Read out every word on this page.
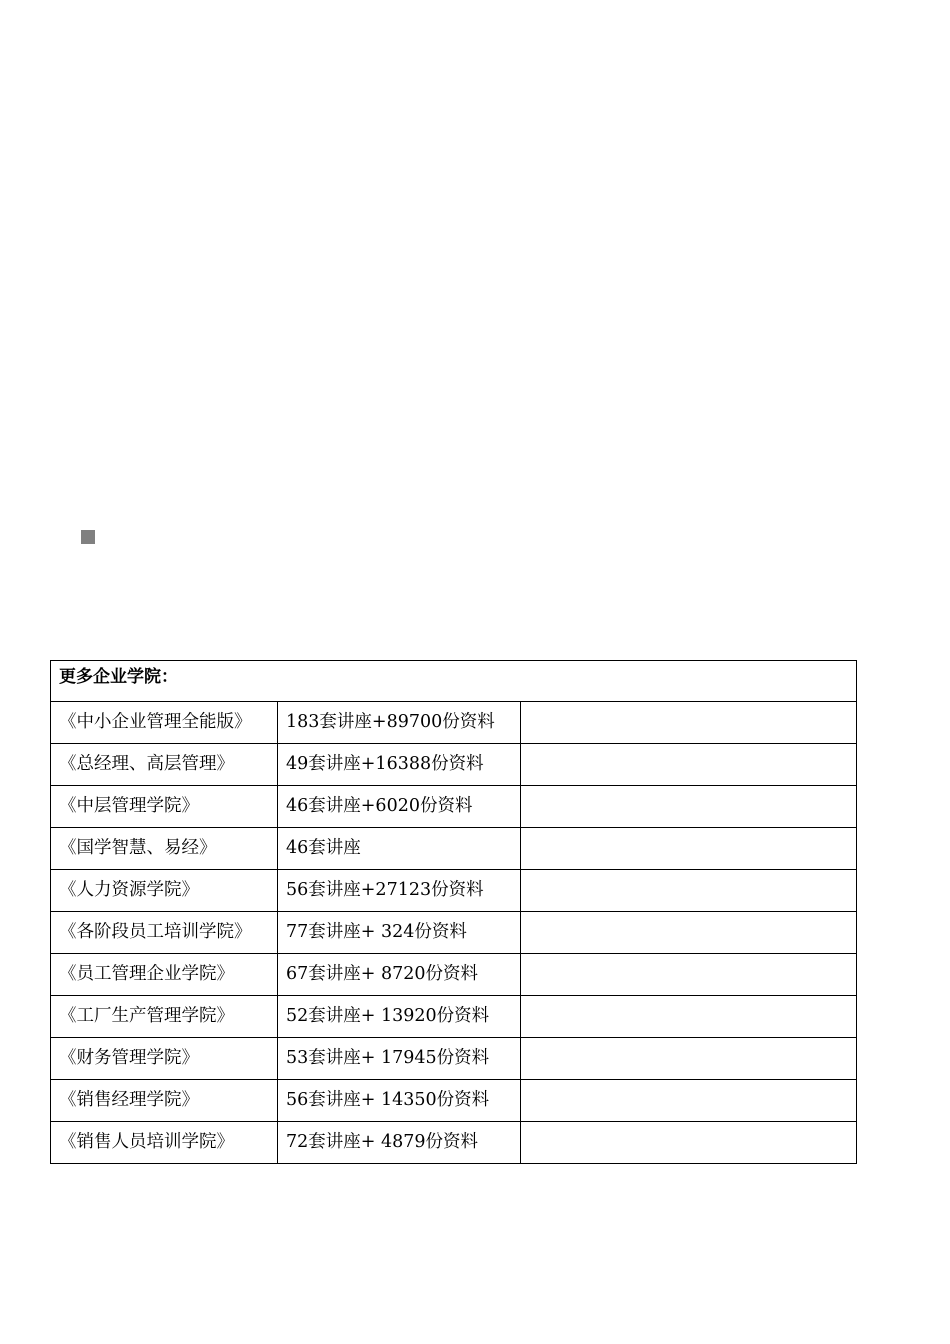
更多企业学院：		

《中小企业管理全能版》	183套讲座+89700份资料	

《总经理、高层管理》	49套讲座+16388份资料	

《中层管理学院》	46套讲座+6020份资料	

《国学智慧、易经》	46套讲座	

《人力资源学院》	56套讲座+27123份资料	

《各阶段员工培训学院》	77套讲座+ 324份资料	

《员工管理企业学院》	67套讲座+ 8720份资料	

《工厂生产管理学院》	52套讲座+ 13920份资料	

《财务管理学院》	53套讲座+ 17945份资料	

《销售经理学院》	56套讲座+ 14350份资料	

《销售人员培训学院》	72套讲座+ 4879份资料	
